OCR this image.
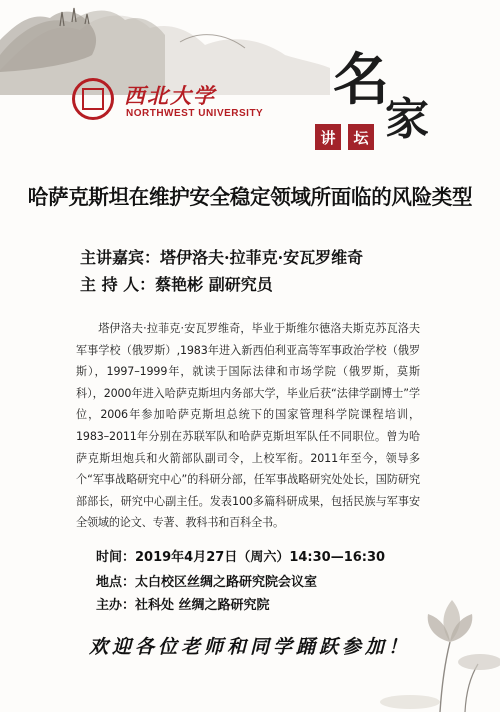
西北大学
NORTHWEST UNIVERSITY
名
家
讲	坛
哈萨克斯坦在维护安全稳定领域所面临的风险类型
主讲嘉宾：塔伊洛夫·拉菲克·安瓦罗维奇
主 持 人：蔡艳彬 副研究员
塔伊洛夫·拉菲克·安瓦罗维奇，毕业于斯维尔德洛夫斯克苏瓦洛夫军事学校（俄罗斯）,1983年进入新西伯利亚高等军事政治学校（俄罗斯），1997–1999年，就读于国际法律和市场学院（俄罗斯，莫斯科），2000年进入哈萨克斯坦内务部大学，毕业后获“法律学副博士”学位，2006年参加哈萨克斯坦总统下的国家管理科学院课程培训，1983–2011年分别在苏联军队和哈萨克斯坦军队任不同职位。曾为哈萨克斯坦炮兵和火箭部队副司令，上校军衔。2011年至今，领导多个“军事战略研究中心”的科研分部，任军事战略研究处处长，国防研究部部长，研究中心副主任。发表100多篇科研成果，包括民族与军事安全领域的论文、专著、教科书和百科全书。
时间：2019年4月27日（周六）14:30—16:30
地点：太白校区丝绸之路研究院会议室
主办：社科处 丝绸之路研究院
欢迎各位老师和同学踊跃参加！
